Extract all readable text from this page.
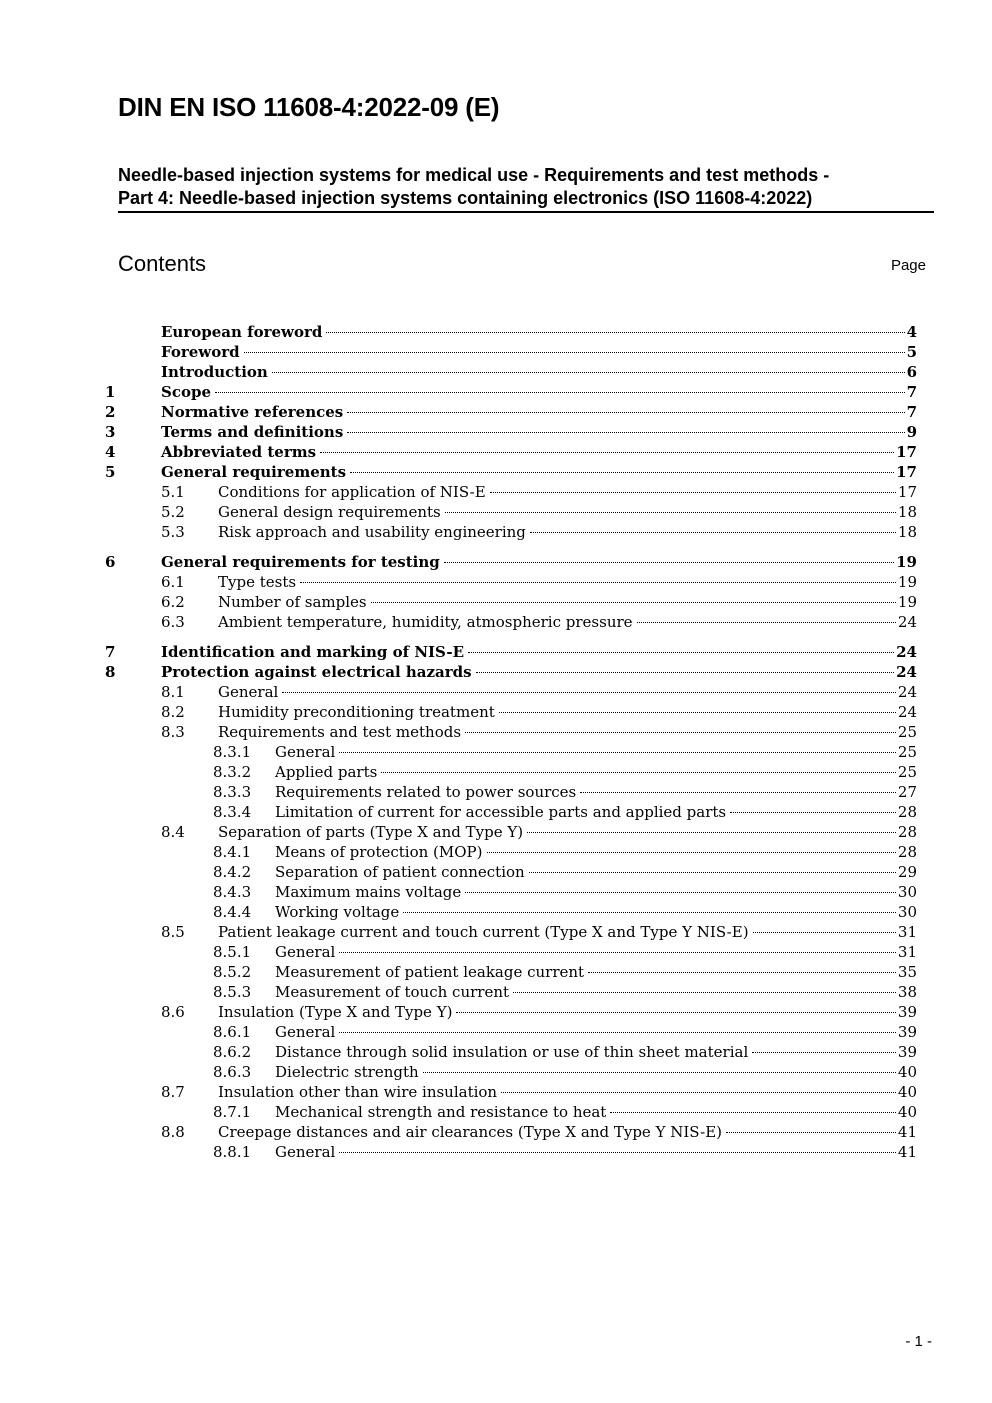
DIN EN ISO 11608-4:2022-09 (E)
Needle-based injection systems for medical use - Requirements and test methods -
Part 4: Needle-based injection systems containing electronics (ISO 11608-4:2022)
Contents	Page
European foreword	4
Foreword	5
Introduction	6
1	Scope	7
2	Normative references	7
3	Terms and definitions	9
4	Abbreviated terms	17
5	General requirements	17
5.1	Conditions for application of NIS-E	17
5.2	General design requirements	18
5.3	Risk approach and usability engineering	18
6	General requirements for testing	19
6.1	Type tests	19
6.2	Number of samples	19
6.3	Ambient temperature, humidity, atmospheric pressure	24
7	Identification and marking of NIS-E	24
8	Protection against electrical hazards	24
8.1	General	24
8.2	Humidity preconditioning treatment	24
8.3	Requirements and test methods	25
8.3.1	General	25
8.3.2	Applied parts	25
8.3.3	Requirements related to power sources	27
8.3.4	Limitation of current for accessible parts and applied parts	28
8.4	Separation of parts (Type X and Type Y)	28
8.4.1	Means of protection (MOP)	28
8.4.2	Separation of patient connection	29
8.4.3	Maximum mains voltage	30
8.4.4	Working voltage	30
8.5	Patient leakage current and touch current (Type X and Type Y NIS-E)	31
8.5.1	General	31
8.5.2	Measurement of patient leakage current	35
8.5.3	Measurement of touch current	38
8.6	Insulation (Type X and Type Y)	39
8.6.1	General	39
8.6.2	Distance through solid insulation or use of thin sheet material	39
8.6.3	Dielectric strength	40
8.7	Insulation other than wire insulation	40
8.7.1	Mechanical strength and resistance to heat	40
8.8	Creepage distances and air clearances (Type X and Type Y NIS-E)	41
8.8.1	General	41
- 1 -
